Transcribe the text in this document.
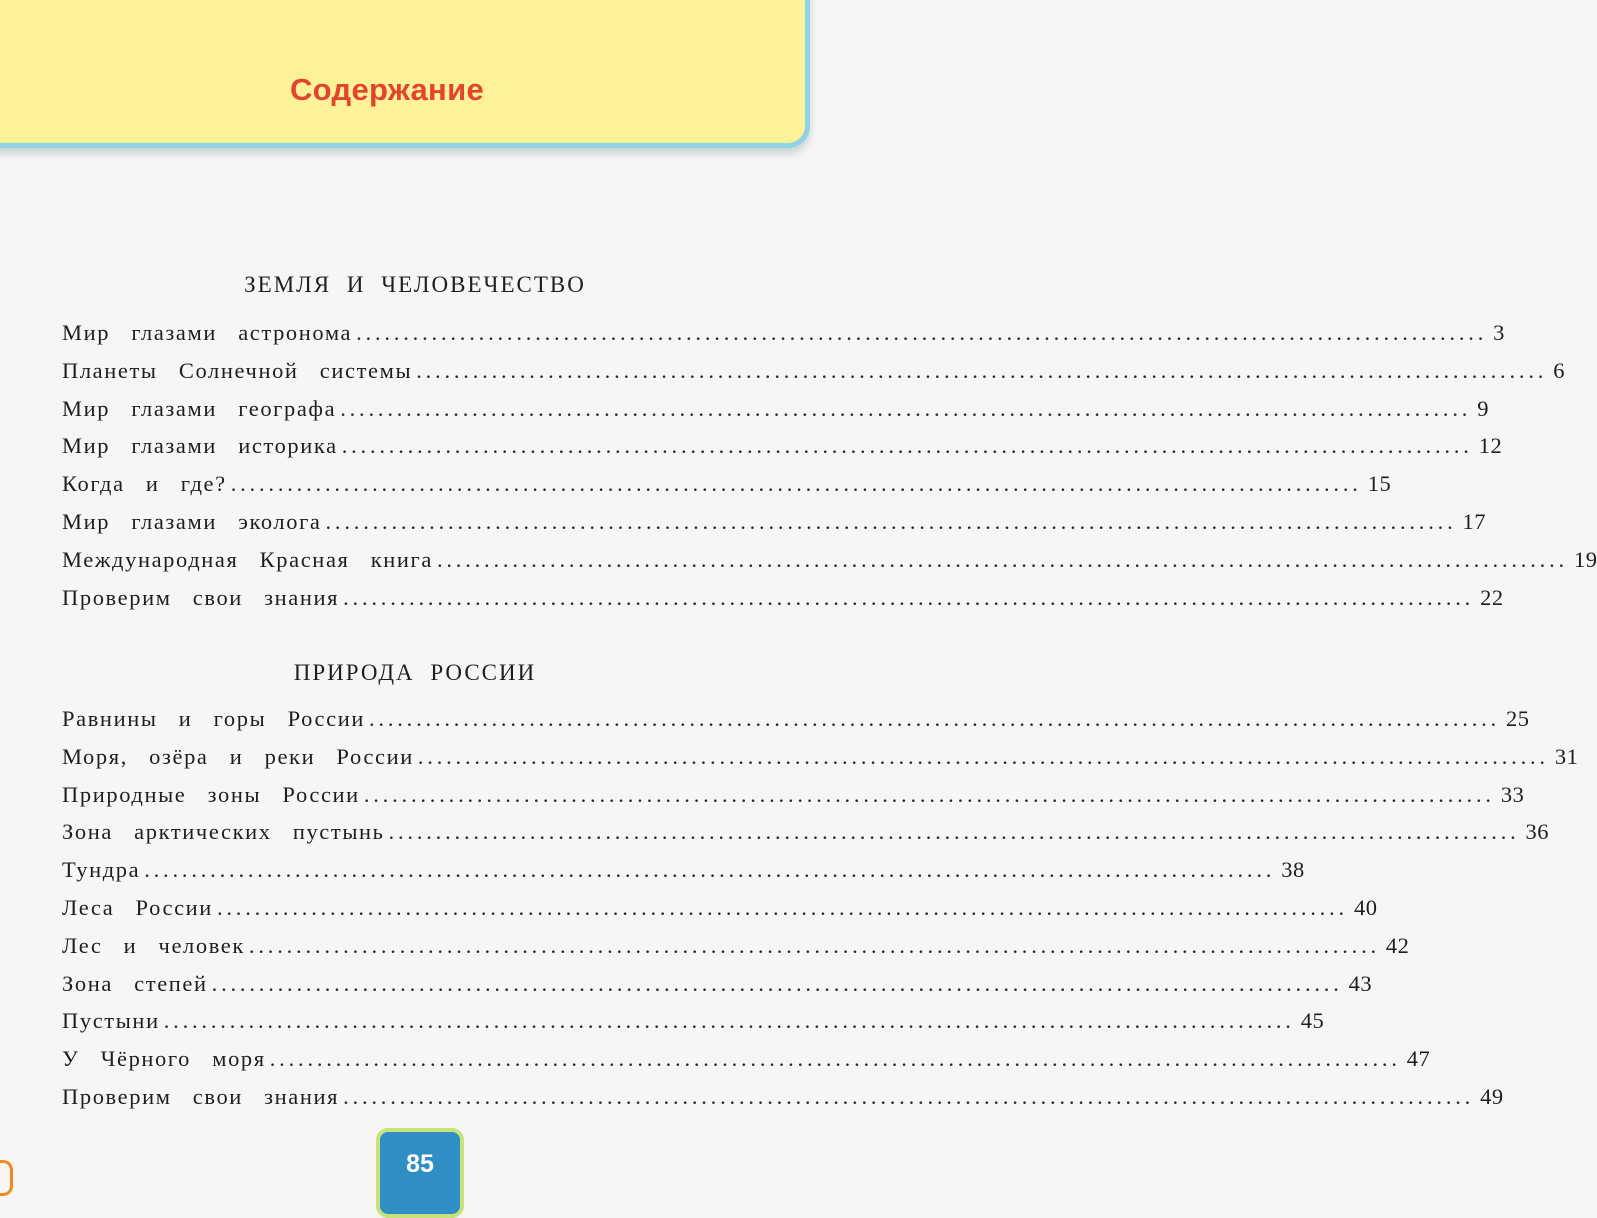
Содержание
ЗЕМЛЯ И ЧЕЛОВЕЧЕСТВО
Мир глазами астронома ........................................................................................................................ 3
Планеты Солнечной системы ........................................................................................................................ 6
Мир глазами географа ........................................................................................................................ 9
Мир глазами историка ........................................................................................................................ 12
Когда и где? ........................................................................................................................ 15
Мир глазами эколога ........................................................................................................................ 17
Международная Красная книга ........................................................................................................................ 19
Проверим свои знания ........................................................................................................................ 22
ПРИРОДА РОССИИ
Равнины и горы России ........................................................................................................................ 25
Моря, озёра и реки России ........................................................................................................................ 31
Природные зоны России ........................................................................................................................ 33
Зона арктических пустынь ........................................................................................................................ 36
Тундра ........................................................................................................................ 38
Леса России ........................................................................................................................ 40
Лес и человек ........................................................................................................................ 42
Зона степей ........................................................................................................................ 43
Пустыни ........................................................................................................................ 45
У Чёрного моря ........................................................................................................................ 47
Проверим свои знания ........................................................................................................................ 49
85
